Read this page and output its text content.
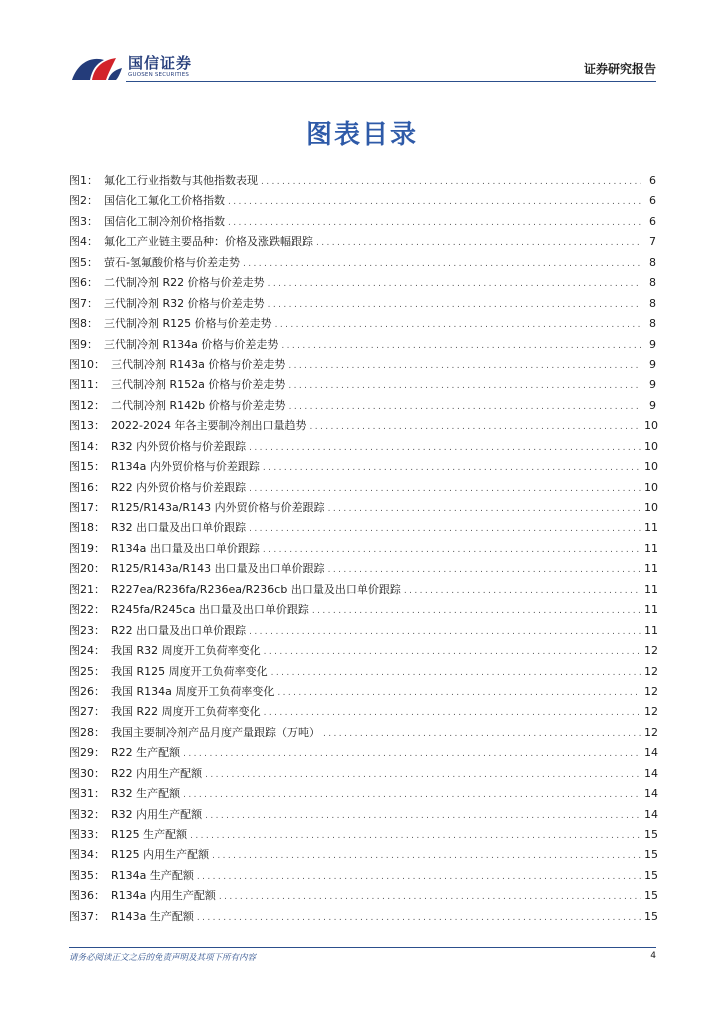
国信证券
GUOSEN SECURITIES	证券研究报告
图表目录
图1： 氟化工行业指数与其他指数表现 .....	6
图2： 国信化工氟化工价格指数 .....	6
图3： 国信化工制冷剂价格指数 .....	6
图4： 氟化工产业链主要品种：价格及涨跌幅跟踪 .....	7
图5： 萤石-氢氟酸价格与价差走势 .....	8
图6： 二代制冷剂 R22 价格与价差走势 .....	8
图7： 三代制冷剂 R32 价格与价差走势 .....	8
图8： 三代制冷剂 R125 价格与价差走势 .....	8
图9： 三代制冷剂 R134a 价格与价差走势 .....	9
图10： 三代制冷剂 R143a 价格与价差走势 .....	9
图11： 三代制冷剂 R152a 价格与价差走势 .....	9
图12： 二代制冷剂 R142b 价格与价差走势 .....	9
图13： 2022-2024 年各主要制冷剂出口量趋势 .....	10
图14： R32 内外贸价格与价差跟踪 .....	10
图15： R134a 内外贸价格与价差跟踪 .....	10
图16： R22 内外贸价格与价差跟踪 .....	10
图17： R125/R143a/R143 内外贸价格与价差跟踪 .....	10
图18： R32 出口量及出口单价跟踪 .....	11
图19： R134a 出口量及出口单价跟踪 .....	11
图20： R125/R143a/R143 出口量及出口单价跟踪 .....	11
图21： R227ea/R236fa/R236ea/R236cb 出口量及出口单价跟踪 .....	11
图22： R245fa/R245ca 出口量及出口单价跟踪 .....	11
图23： R22 出口量及出口单价跟踪 .....	11
图24： 我国 R32 周度开工负荷率变化 .....	12
图25： 我国 R125 周度开工负荷率变化 .....	12
图26： 我国 R134a 周度开工负荷率变化 .....	12
图27： 我国 R22 周度开工负荷率变化 .....	12
图28： 我国主要制冷剂产品月度产量跟踪（万吨） .....	12
图29： R22 生产配额 .....	14
图30： R22 内用生产配额 .....	14
图31： R32 生产配额 .....	14
图32： R32 内用生产配额 .....	14
图33： R125 生产配额 .....	15
图34： R125 内用生产配额 .....	15
图35： R134a 生产配额 .....	15
图36： R134a 内用生产配额 .....	15
图37： R143a 生产配额 .....	15
请务必阅读正文之后的免责声明及其项下所有内容	4
